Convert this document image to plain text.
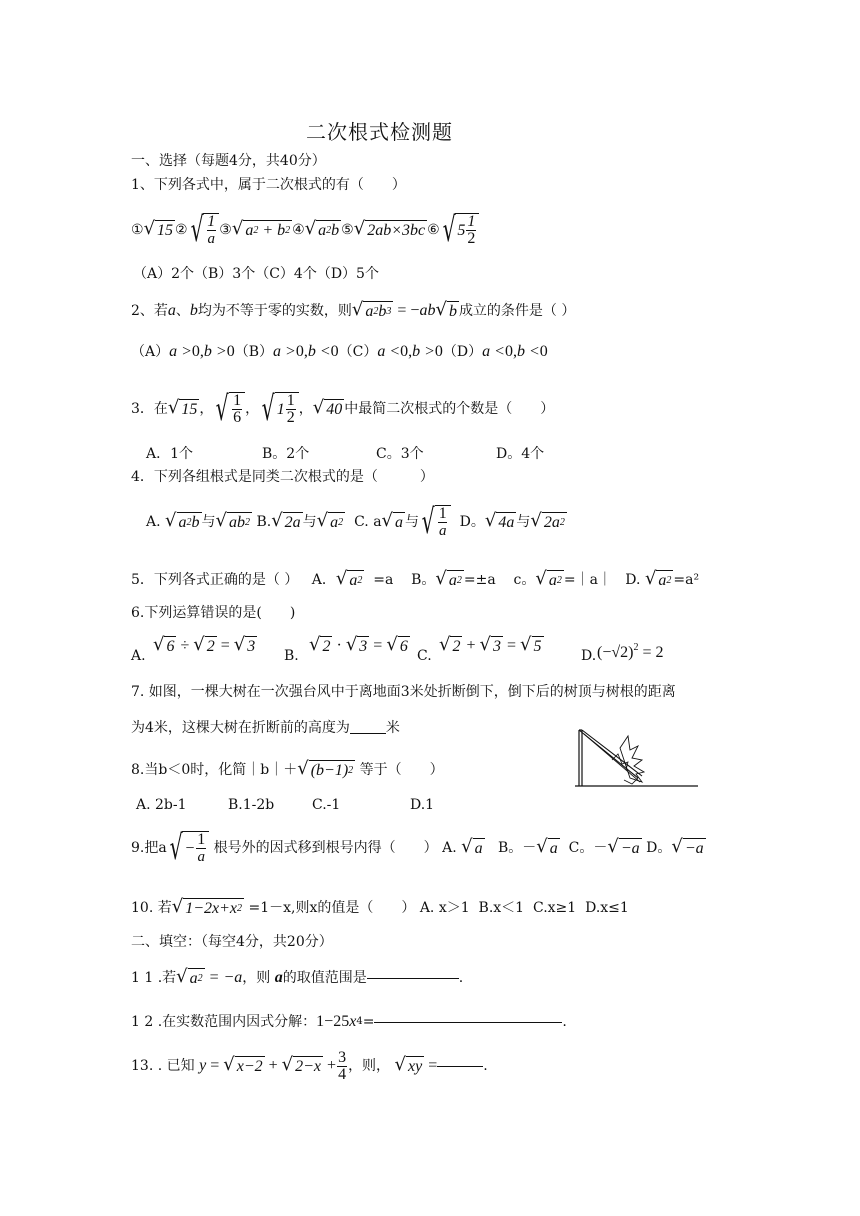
二次根式检测题
一、选择（每题4分，共40分）
1、下列各式中，属于二次根式的有（　　）
① √ 15 ② √ $\frac{1}{a}$ ③ √ a 2 + b 2 ④ √ a 2 b ⑤ √ 2 ab ×3 bc ⑥ √ $5 \frac{1}{2}$
（A）2个（B）3个（C）4个（D）5个
2、若 a 、 b 均为不等于零的实数，则 √ a 2 b 3 = − ab √ b 成立的条件是（ ）
（A） a > 0, b > 0 （B） a > 0, b < 0 （C） a < 0, b > 0 （D） a < 0, b < 0
3．在 √ 15 ， √ $\frac{1}{6}$ ， √ $1 \frac{1}{2}$ ， √ 40 中最简二次根式的个数是（　　）
A．1个	B。2个	C。3个	D。4个
4．下列各组根式是同类二次根式的是（　　　）
A.
√ a 2 b 与 √ ab 2
B. √ 2 a 与 √ a 2
C.
a √ a 与 √ $\frac{1}{a}$
D。 √ 4 a 与 √ 2 a 2
5．下列各式正确的是（ ）
A． √ a 2
=a
B。 √ a 2 =±a
c。 √ a 2 =｜a｜
D.
√ a 2 =a²
6.下列运算错误的是(　　)
A.
√ 6 ÷ √ 2 = √ 3
B.
√ 2 · √ 3 = √ 6
C.
√ 2 + √ 3 = √ 5
D. $(-√2)^2 = 2$
7. 如图，一棵大树在一次强台风中于离地面3米处折断倒下，倒下后的树顶与树根的距离
为4米，这棵大树在折断前的高度为	米
8.当b＜0时，化简｜b｜＋ √ ( b −1) 2
等于（　　）
A. 2b-1	B.1-2b	C.-1	D.1
9.把a √ − $\frac{1}{a}$
根号外的因式移到根号内得（　　）
A.
√ a
B。－ √ a
C。－ √ − a
D。 √ − a
10. 若 √ 1−2 x + x 2
=1－x,则x的值是（　　）
A. x＞1
B.x＜1
C.x≥1
D.x≤1
二、填空：（每空4分，共20分）
1 1 .若 √ a 2 = −a ，则
a 的取值范围是	.
1 2 .在实数范围内因式分解： 1−25 x 4 =	.
13. . 已知
y = √ x −2 + √ $2- x + \frac{3}{4}$ ，则，
√ xy =	.
